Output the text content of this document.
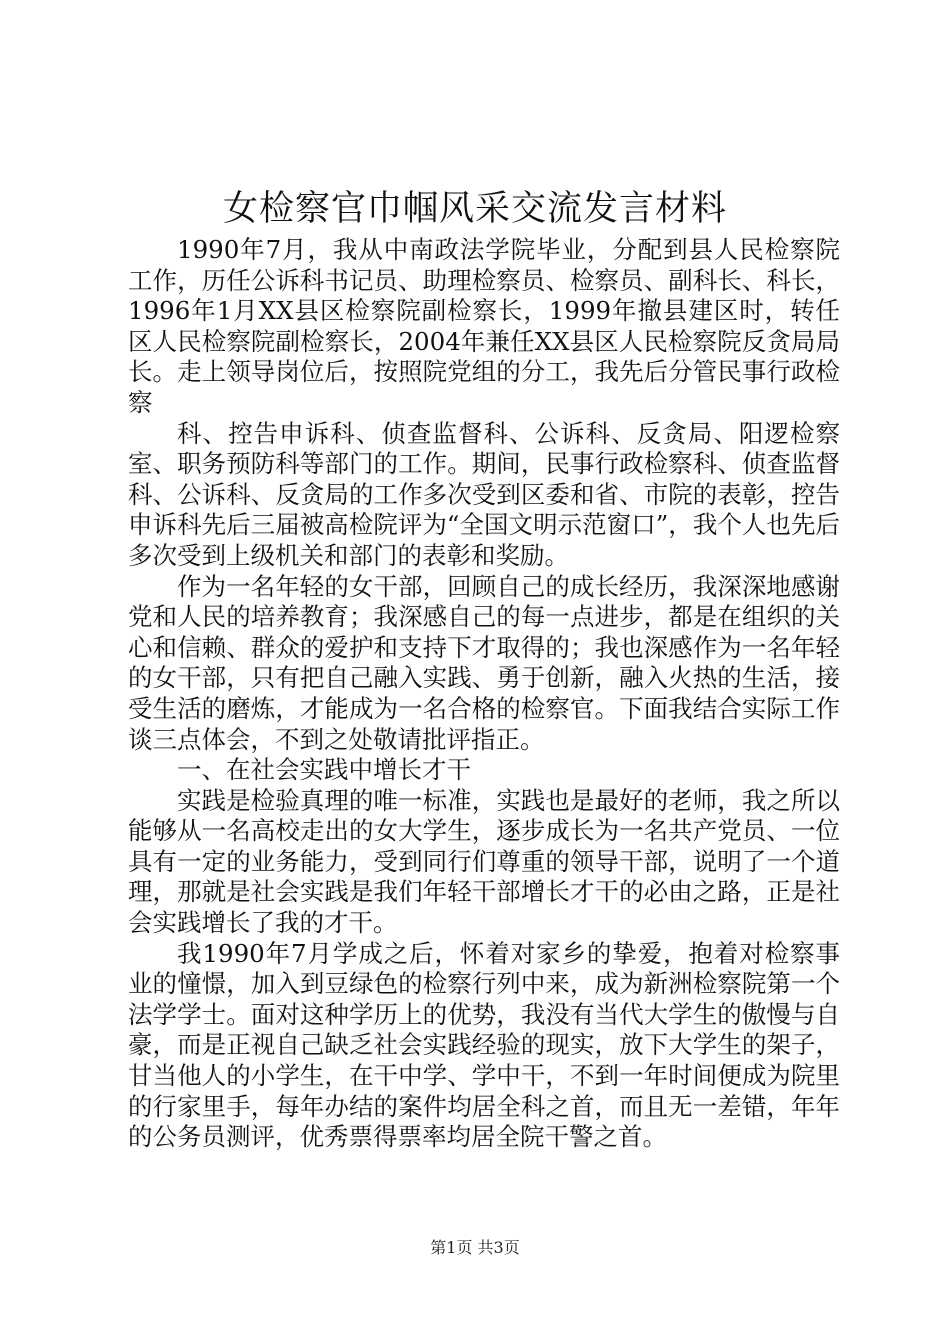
女检察官巾帼风采交流发言材料

1990年7月，我从中南政法学院毕业，分配到县人民检察院工作，历任公诉科书记员、助理检察员、检察员、副科长、科长，1996年1月XX县区检察院副检察长，1999年撤县建区时，转任区人民检察院副检察长，2004年兼任XX县区人民检察院反贪局局长。走上领导岗位后，按照院党组的分工，我先后分管民事行政检察

科、控告申诉科、侦查监督科、公诉科、反贪局、阳逻检察室、职务预防科等部门的工作。期间，民事行政检察科、侦查监督科、公诉科、反贪局的工作多次受到区委和省、市院的表彰，控告申诉科先后三届被高检院评为“全国文明示范窗口”，我个人也先后多次受到上级机关和部门的表彰和奖励。

作为一名年轻的女干部，回顾自己的成长经历，我深深地感谢党和人民的培养教育；我深感自己的每一点进步，都是在组织的关心和信赖、群众的爱护和支持下才取得的；我也深感作为一名年轻的女干部，只有把自己融入实践、勇于创新，融入火热的生活，接受生活的磨炼，才能成为一名合格的检察官。下面我结合实际工作谈三点体会，不到之处敬请批评指正。

一、在社会实践中增长才干

实践是检验真理的唯一标准，实践也是最好的老师，我之所以能够从一名高校走出的女大学生，逐步成长为一名共产党员、一位具有一定的业务能力，受到同行们尊重的领导干部，说明了一个道理，那就是社会实践是我们年轻干部增长才干的必由之路，正是社会实践增长了我的才干。

我1990年7月学成之后，怀着对家乡的挚爱，抱着对检察事业的憧憬，加入到豆绿色的检察行列中来，成为新洲检察院第一个法学学士。面对这种学历上的优势，我没有当代大学生的傲慢与自豪，而是正视自己缺乏社会实践经验的现实，放下大学生的架子，甘当他人的小学生，在干中学、学中干，不到一年时间便成为院里的行家里手，每年办结的案件均居全科之首，而且无一差错，年年的公务员测评，优秀票得票率均居全院干警之首。

第1页 共3页
